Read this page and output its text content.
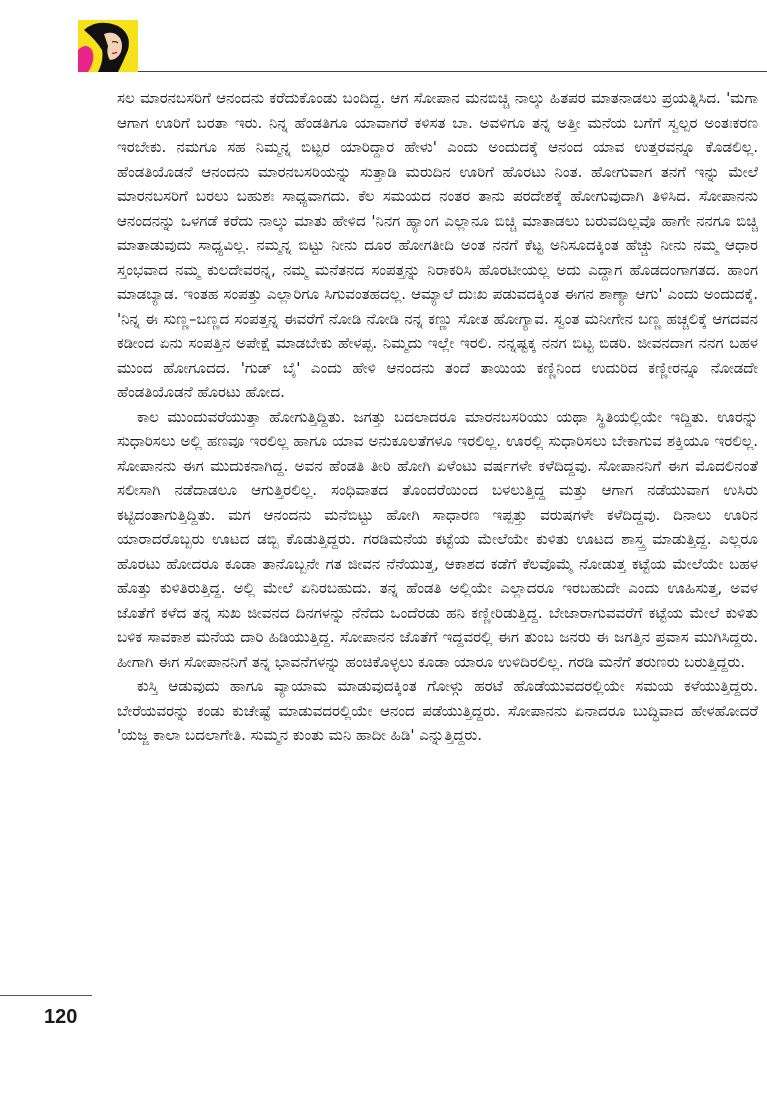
ಸಲ ಮಾರನಬಸರಿಗೆ ಆನಂದನು ಕರೆದುಕೊಂಡು ಬಂದಿದ್ದ. ಆಗ ಸೋಪಾನ ಮನಬಿಚ್ಚಿ ನಾಲ್ಕು ಹಿತಪರ ಮಾತನಾಡಲು ಪ್ರಯತ್ನಿಸಿದ. 'ಮಗಾ ಆಗಾಗ ಊರಿಗೆ ಬರತಾ ಇರು. ನಿನ್ನ ಹೆಂಡತಿಗೂ ಯಾವಾಗರೆ ಕಳಿಸತ ಬಾ. ಅವಳಿಗೂ ತನ್ನ ಅತ್ತೀ ಮನೆಯ ಬಗೆಗೆ ಸ್ವಲ್ಪರ ಅಂತಃಕರಣ ಇರಬೇಕು. ನಮಗೂ ಸಹ ನಿಮ್ಮನ್ನ ಬಿಟ್ಟರ ಯಾರಿದ್ದಾರ ಹೇಳು' ಎಂದು ಅಂದುದಕ್ಕೆ ಆನಂದ ಯಾವ ಉತ್ತರವನ್ನೂ ಕೊಡಲಿಲ್ಲ. ಹೆಂಡತಿಯೊಡನೆ ಆನಂದನು ಮಾರನಬಸರಿಯನ್ನು ಸುತ್ತಾಡಿ ಮರುದಿನ ಊರಿಗೆ ಹೊರಟು ನಿಂತ. ಹೋಗುವಾಗ ತನಗೆ ಇನ್ನು ಮೇಲೆ ಮಾರನಬಸರಿಗೆ ಬರಲು ಬಹುಶಃ ಸಾಧ್ಯವಾಗದು. ಕೆಲ ಸಮಯದ ನಂತರ ತಾನು ಪರದೇಶಕ್ಕೆ ಹೋಗುವುದಾಗಿ ತಿಳಿಸಿದ. ಸೋಪಾನನು ಆನಂದನನ್ನು ಒಳಗಡೆ ಕರೆದು ನಾಲ್ಕು ಮಾತು ಹೇಳಿದ 'ನಿನಗ ಹ್ಯಾಂಗ ಎಲ್ಲಾನೂ ಬಿಚ್ಚಿ ಮಾತಾಡಲು ಬರುವದಿಲ್ಲವೊ ಹಾಗೇ ನನಗೂ ಬಿಚ್ಚಿ ಮಾತಾಡುವುದು ಸಾಧ್ಯವಿಲ್ಲ. ನಮ್ಮನ್ನ ಬಿಟ್ಟು ನೀನು ದೂರ ಹೋಗತೀದಿ ಅಂತ ನನಗೆ ಕೆಟ್ಟ ಅನಿಸೂದಕ್ಕಿಂತ ಹೆಚ್ಚು ನೀನು ನಮ್ಮ ಆಧಾರ ಸ್ತಂಭವಾದ ನಮ್ಮ ಕುಲದೇವರನ್ನ, ನಮ್ಮ ಮನೆತನದ ಸಂಪತ್ತನ್ನು ನಿರಾಕರಿಸಿ ಹೊರಟೀಯಲ್ಲ ಅದು ಎದ್ದಾಗ ಹೊಡದಂಗಾಗತದ. ಹಾಂಗ ಮಾಡಬ್ಯಾಡ. ಇಂತಹ ಸಂಪತ್ತು ಎಲ್ಲಾರಿಗೂ ಸಿಗುವಂತಹದಲ್ಲ. ಆಮ್ಯಾಲೆ ದುಃಖ ಪಡುವದಕ್ಕಿಂತ ಈಗನ ಶಾಣ್ಯಾ ಆಗು' ಎಂದು ಅಂದುದಕ್ಕೆ. 'ನಿನ್ನ ಈ ಸುಣ್ಣ–ಬಣ್ಣದ ಸಂಪತ್ತನ್ನ ಈವರೆಗೆ ನೋಡಿ ನೋಡಿ ನನ್ನ ಕಣ್ಣು ಸೋತ ಹೋಗ್ಯಾವ. ಸ್ವಂತ ಮನೀಗೇನ ಬಣ್ಣ ಹಚ್ಚಲಿಕ್ಕೆ ಆಗದವನ ಕಡೀಂದ ಏನು ಸಂಪತ್ತಿನ ಅಪೇಕ್ಷೆ ಮಾಡಬೇಕು ಹೇಳಪ್ಪ. ನಿಮ್ಮದು ಇಲ್ಲೇ ಇರಲಿ. ನನ್ನಷ್ಟಕ್ಕ ನನಗ ಬಿಟ್ಟ ಬಿಡರಿ. ಜೀವನದಾಗ ನನಗ ಬಹಳ ಮುಂದ ಹೋಗೂದದ. 'ಗುಡ್ ಬೈ' ಎಂದು ಹೇಳಿ ಆನಂದನು ತಂದೆ ತಾಯಿಯ ಕಣ್ಣಿನಿಂದ ಉದುರಿದ ಕಣ್ಣೀರನ್ನೂ ನೋಡದೇ ಹೆಂಡತಿಯೊಡನೆ ಹೊರಟು ಹೋದ.

ಕಾಲ ಮುಂದುವರೆಯುತ್ತಾ ಹೋಗುತ್ತಿದ್ದಿತು. ಜಗತ್ತು ಬದಲಾದರೂ ಮಾರನಬಸರಿಯು ಯಥಾ ಸ್ಥಿತಿಯಲ್ಲಿಯೇ ಇದ್ದಿತು. ಊರನ್ನು ಸುಧಾರಿಸಲು ಅಲ್ಲಿ ಹಣವೂ ಇರಲಿಲ್ಲ ಹಾಗೂ ಯಾವ ಅನುಕೂಲತೆಗಳೂ ಇರಲಿಲ್ಲ. ಊರಲ್ಲಿ ಸುಧಾರಿಸಲು ಬೇಕಾಗುವ ಶಕ್ತಿಯೂ ಇರಲಿಲ್ಲ. ಸೋಪಾನನು ಈಗ ಮುದುಕನಾಗಿದ್ದ. ಅವನ ಹೆಂಡತಿ ತೀರಿ ಹೋಗಿ ಏಳೆಂಟು ವರ್ಷಗಳೇ ಕಳೆದಿದ್ದವು. ಸೋಪಾನನಿಗೆ ಈಗ ಮೊದಲಿನಂತೆ ಸಲೀಸಾಗಿ ನಡೆದಾಡಲೂ ಆಗುತ್ತಿರಲಿಲ್ಲ. ಸಂಧಿವಾತದ ತೊಂದರೆಯಿಂದ ಬಳಲುತ್ತಿದ್ದ ಮತ್ತು ಆಗಾಗ ನಡೆಯುವಾಗ ಉಸಿರು ಕಟ್ಟಿದಂತಾಗುತ್ತಿದ್ದಿತು. ಮಗ ಆನಂದನು ಮನೆಬಿಟ್ಟು ಹೋಗಿ ಸಾಧಾರಣ ಇಪ್ಪತ್ತು ವರುಷಗಳೇ ಕಳೆದಿದ್ದವು. ದಿನಾಲು ಊರಿನ ಯಾರಾದರೊಬ್ಬರು ಊಟದ ಡಬ್ಬಿ ಕೊಡುತ್ತಿದ್ದರು. ಗರಡಿಮನೆಯ ಕಟ್ಟೆಯ ಮೇಲೆಯೇ ಕುಳಿತು ಊಟದ ಶಾಸ್ತ್ರ ಮಾಡುತ್ತಿದ್ದ. ಎಲ್ಲರೂ ಹೊರಟು ಹೋದರೂ ಕೂಡಾ ತಾನೊಬ್ಬನೇ ಗತ ಜೀವನ ನೆನೆಯುತ್ತ, ಆಕಾಶದ ಕಡೆಗೆ ಕೆಲವೊಮ್ಮೆ ನೋಡುತ್ತ ಕಟ್ಟೆಯ ಮೇಲೆಯೇ ಬಹಳ ಹೊತ್ತು ಕುಳಿತಿರುತ್ತಿದ್ದ. ಅಲ್ಲಿ ಮೇಲೆ ಏನಿರಬಹುದು. ತನ್ನ ಹೆಂಡತಿ ಅಲ್ಲಿಯೇ ಎಲ್ಲಾದರೂ ಇರಬಹುದೇ ಎಂದು ಊಹಿಸುತ್ತ, ಅವಳ ಜೊತೆಗೆ ಕಳೆದ ತನ್ನ ಸುಖ ಜೀವನದ ದಿನಗಳನ್ನು ನೆನೆದು ಒಂದೆರಡು ಹನಿ ಕಣ್ಣೀರಿಡುತ್ತಿದ್ದ. ಬೇಜಾರಾಗುವವರೆಗೆ ಕಟ್ಟೆಯ ಮೇಲೆ ಕುಳಿತು ಬಳಿಕ ಸಾವಕಾಶ ಮನೆಯ ದಾರಿ ಹಿಡಿಯುತ್ತಿದ್ದ. ಸೋಪಾನನ ಜೊತೆಗೆ ಇದ್ದವರಲ್ಲಿ ಈಗ ತುಂಬ ಜನರು ಈ ಜಗತ್ತಿನ ಪ್ರವಾಸ ಮುಗಿಸಿದ್ದರು. ಹೀಗಾಗಿ ಈಗ ಸೋಪಾನನಿಗೆ ತನ್ನ ಭಾವನೆಗಳನ್ನು ಹಂಚಿಕೊಳ್ಳಲು ಕೂಡಾ ಯಾರೂ ಉಳಿದಿರಲಿಲ್ಲ. ಗರಡಿ ಮನೆಗೆ ತರುಣರು ಬರುತ್ತಿದ್ದರು.

ಕುಸ್ತಿ ಆಡುವುದು ಹಾಗೂ ವ್ಯಾಯಾಮ ಮಾಡುವುದಕ್ಕಿಂತ ಗೋಳ್ಗು ಹರಟೆ ಹೊಡೆಯುವದರಲ್ಲಿಯೇ ಸಮಯ ಕಳೆಯುತ್ತಿದ್ದರು. ಬೇರೆಯವರನ್ನು ಕಂಡು ಕುಚೇಷ್ಟೆ ಮಾಡುವದರಲ್ಲಿಯೇ ಆನಂದ ಪಡೆಯುತ್ತಿದ್ದರು. ಸೋಪಾನನು ಏನಾದರೂ ಬುದ್ಧಿವಾದ ಹೇಳಹೋದರೆ 'ಯಜ್ಜ ಕಾಲಾ ಬದಲಾಗೇತಿ. ಸುಮ್ಮನ ಕುಂತು ಮನಿ ಹಾದೀ ಹಿಡಿ' ಎನ್ನುತ್ತಿದ್ದರು.

120
